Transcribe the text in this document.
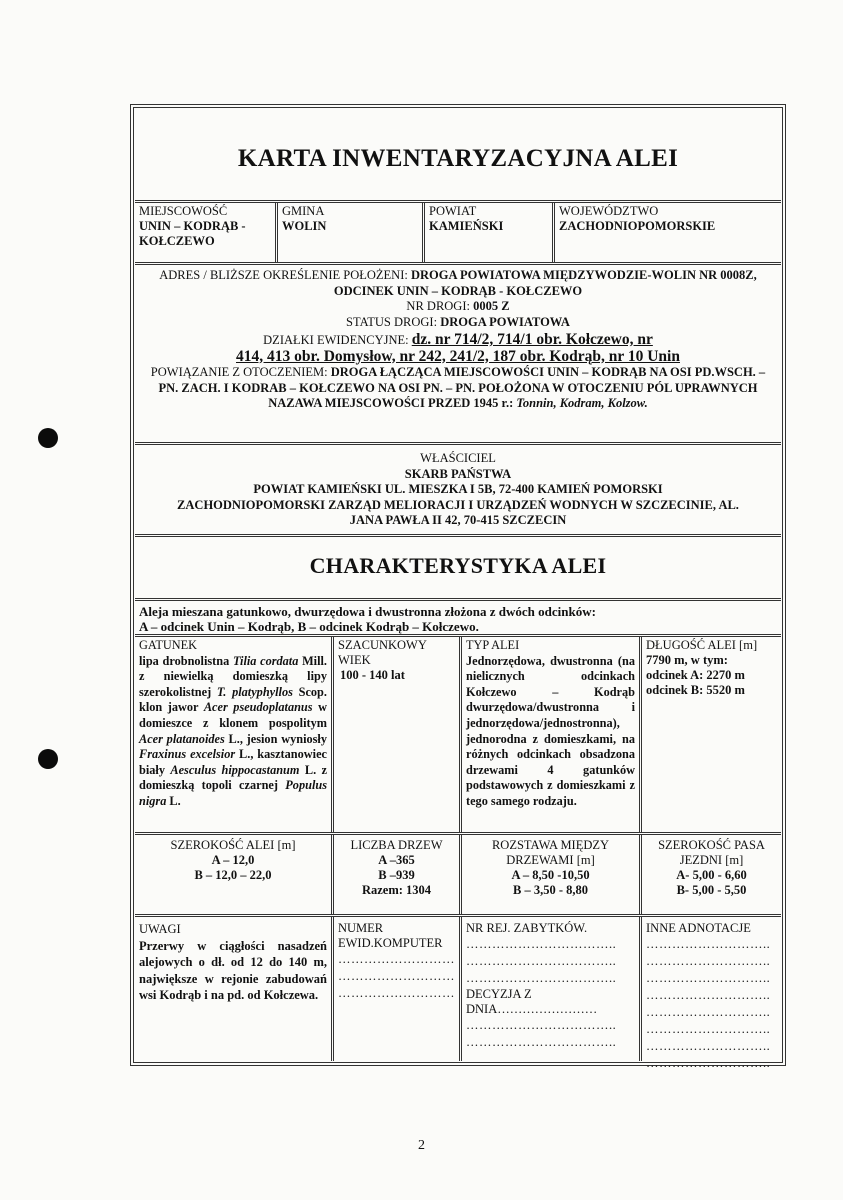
KARTA INWENTARYZACYJNA ALEI
MIEJSCOWOŚĆ
UNIN – KODRĄB - KOŁCZEWO
GMINA
WOLIN
POWIAT
KAMIEŃSKI
WOJEWÓDZTWO
ZACHODNIOPOMORSKIE
ADRES / BLIŻSZE OKREŚLENIE POŁOŻENI: DROGA POWIATOWA MIĘDZYWODZIE-WOLIN NR 0008Z, ODCINEK UNIN – KODRĄB - KOŁCZEWO
NR DROGI: 0005 Z
STATUS DROGI: DROGA POWIATOWA
DZIAŁKI EWIDENCYJNE: dz. nr 714/2, 714/1 obr. Kołczewo, nr
414, 413 obr. Domysłow, nr 242, 241/2, 187 obr. Kodrąb, nr 10 Unin
POWIĄZANIE Z OTOCZENIEM: DROGA ŁĄCZĄCA MIEJSCOWOŚCI UNIN – KODRĄB NA OSI PD.WSCH. – PN. ZACH. I KODRAB – KOŁCZEWO NA OSI PN. – PN. POŁOŻONA W OTOCZENIU PÓL UPRAWNYCH
NAZAWA MIEJSCOWOŚCI PRZED 1945 r.: Tonnin, Kodram, Kolzow.
WŁAŚCICIEL
SKARB PAŃSTWA
POWIAT KAMIEŃSKI UL. MIESZKA I 5B, 72-400 KAMIEŃ POMORSKI
ZACHODNIOPOMORSKI ZARZĄD MELIORACJI I URZĄDZEŃ WODNYCH W SZCZECINIE, AL.
JANA PAWŁA II 42, 70-415 SZCZECIN
CHARAKTERYSTYKA ALEI
Aleja mieszana gatunkowo, dwurzędowa i dwustronna złożona z dwóch odcinków:
A – odcinek Unin – Kodrąb, B – odcinek Kodrąb – Kołczewo.
GATUNEK
lipa drobnolistna Tilia cordata Mill. z niewielką domieszką lipy szerokolistnej T. platyphyllos Scop. klon jawor Acer pseudoplatanus w domieszce z klonem pospolitym Acer platanoides L., jesion wyniosły Fraxinus excelsior L., kasztanowiec biały Aesculus hippocastanum L. z domieszką topoli czarnej Populus nigra L.
SZACUNKOWY
WIEK
100 - 140 lat
TYP ALEI
Jednorzędowa, dwustronna (na nielicznych odcinkach Kołczewo – Kodrąb dwurzędowa/dwustronna i jednorzędowa/jednostronna), jednorodna z domieszkami, na różnych odcinkach obsadzona drzewami 4 gatunków podstawowych z domieszkami z tego samego rodzaju.
DŁUGOŚĆ ALEI [m]
7790 m, w tym:
odcinek A: 2270 m
odcinek B: 5520 m
SZEROKOŚĆ ALEI [m]
A – 12,0
B – 12,0 – 22,0
LICZBA DRZEW
A –365
B –939
Razem: 1304
ROZSTAWA MIĘDZY
DRZEWAMI [m]
A – 8,50 -10,50
B – 3,50 - 8,80
SZEROKOŚĆ PASA
JEZDNI [m]
A- 5,00 - 6,60
B- 5,00 - 5,50
UWAGI
Przerwy w ciągłości nasadzeń alejowych o dł. od 12 do 140 m, największe w rejonie zabudowań wsi Kodrąb i na pd. od Kołczewa.
NUMER
EWID.KOMPUTER
………………………
………………………
………………………
NR REJ. ZABYTKÓW.
……………………………..
……………………………..
……………………………..
DECYZJA Z
DNIA……………………
……………………………..
……………………………..
INNE ADNOTACJE
………………………..
………………………..
………………………..
………………………..
………………………..
………………………..
………………………..
………………………..
2
